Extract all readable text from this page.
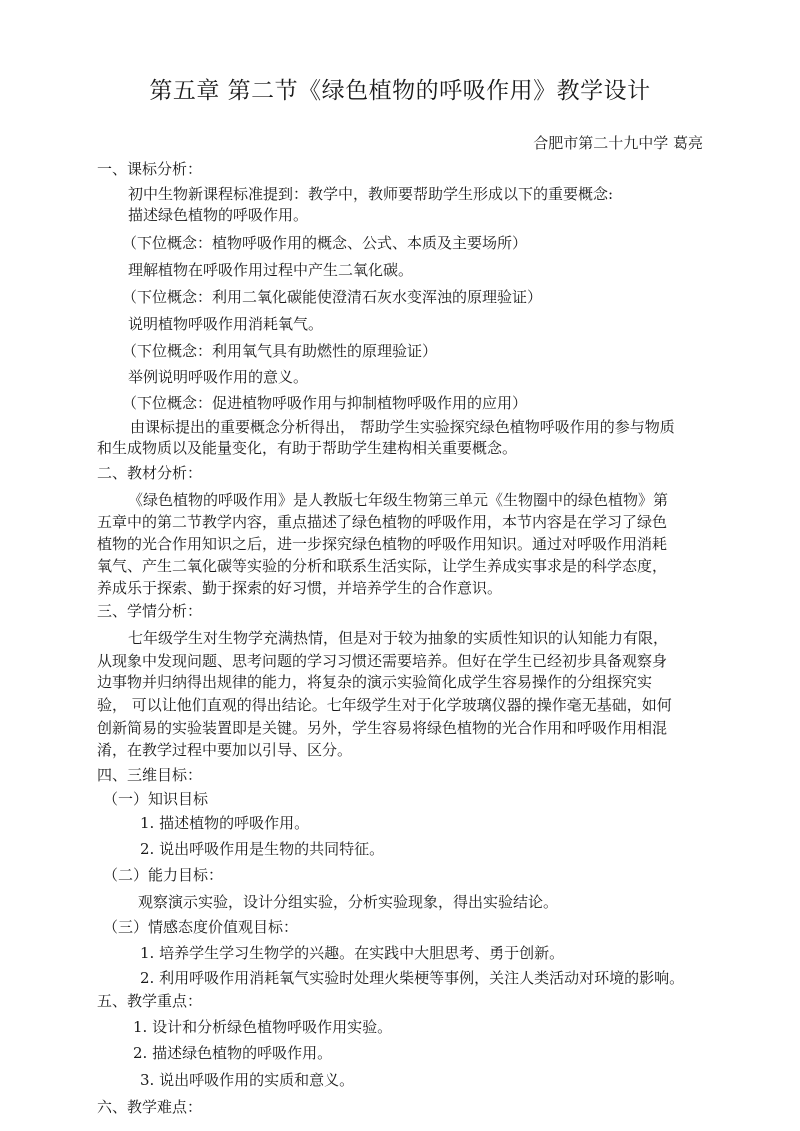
第五章 第二节《绿色植物的呼吸作用》教学设计
合肥市第二十九中学 葛亮
一、课标分析：
初中生物新课程标准提到：教学中，教师要帮助学生形成以下的重要概念:
描述绿色植物的呼吸作用。
（下位概念：植物呼吸作用的概念、公式、本质及主要场所）
理解植物在呼吸作用过程中产生二氧化碳。
（下位概念：利用二氧化碳能使澄清石灰水变浑浊的原理验证）
说明植物呼吸作用消耗氧气。
（下位概念：利用氧气具有助燃性的原理验证）
举例说明呼吸作用的意义。
（下位概念：促进植物呼吸作用与抑制植物呼吸作用的应用）
由课标提出的重要概念分析得出， 帮助学生实验探究绿色植物呼吸作用的参与物质
和生成物质以及能量变化，有助于帮助学生建构相关重要概念。
二、教材分析：
《绿色植物的呼吸作用》是人教版七年级生物第三单元《生物圈中的绿色植物》第
五章中的第二节教学内容，重点描述了绿色植物的呼吸作用，本节内容是在学习了绿色
植物的光合作用知识之后，进一步探究绿色植物的呼吸作用知识。通过对呼吸作用消耗
氧气、产生二氧化碳等实验的分析和联系生活实际，让学生养成实事求是的科学态度，
养成乐于探索、勤于探索的好习惯，并培养学生的合作意识。
三、学情分析：
七年级学生对生物学充满热情，但是对于较为抽象的实质性知识的认知能力有限，
从现象中发现问题、思考问题的学习习惯还需要培养。但好在学生已经初步具备观察身
边事物并归纳得出规律的能力，将复杂的演示实验简化成学生容易操作的分组探究实
验， 可以让他们直观的得出结论。七年级学生对于化学玻璃仪器的操作毫无基础，如何
创新简易的实验装置即是关键。另外，学生容易将绿色植物的光合作用和呼吸作用相混
淆，在教学过程中要加以引导、区分。
四、三维目标：
（一）知识目标
1. 描述植物的呼吸作用。
2. 说出呼吸作用是生物的共同特征。
（二）能力目标：
观察演示实验，设计分组实验，分析实验现象，得出实验结论。
（三）情感态度价值观目标：
1. 培养学生学习生物学的兴趣。在实践中大胆思考、勇于创新。
2. 利用呼吸作用消耗氧气实验时处理火柴梗等事例，关注人类活动对环境的影响。
五、教学重点：
1. 设计和分析绿色植物呼吸作用实验。
2. 描述绿色植物的呼吸作用。
3. 说出呼吸作用的实质和意义。
六、教学难点：
